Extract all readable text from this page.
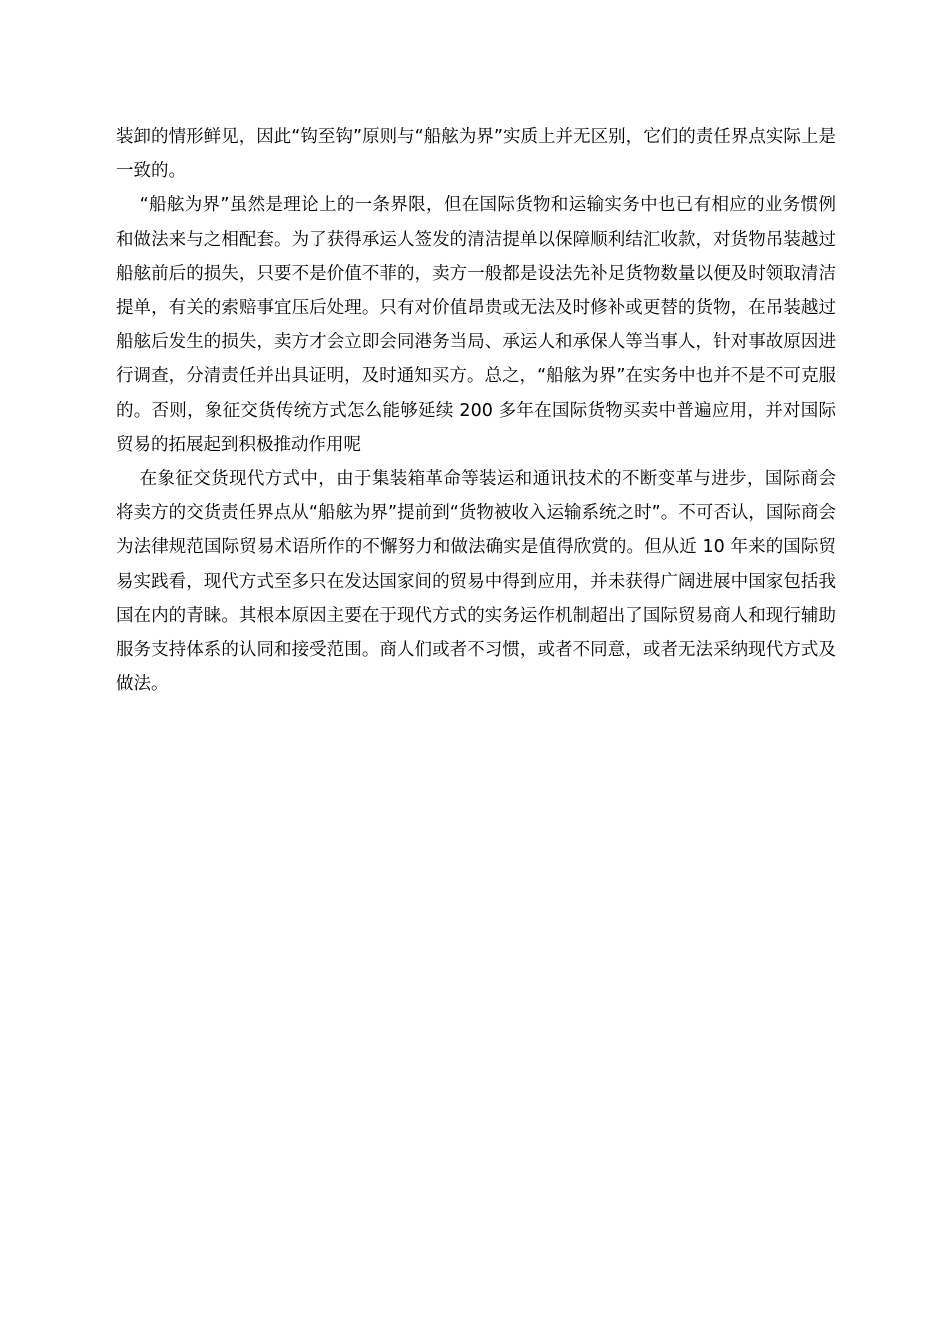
装卸的情形鲜见，因此“钩至钩”原则与“船舷为界”实质上并无区别，它们的责任界点实际上是一致的。

“船舷为界”虽然是理论上的一条界限，但在国际货物和运输实务中也已有相应的业务惯例和做法来与之相配套。为了获得承运人签发的清洁提单以保障顺利结汇收款，对货物吊装越过船舷前后的损失，只要不是价值不菲的，卖方一般都是设法先补足货物数量以便及时领取清洁提单，有关的索赔事宜压后处理。只有对价值昂贵或无法及时修补或更替的货物，在吊装越过船舷后发生的损失，卖方才会立即会同港务当局、承运人和承保人等当事人，针对事故原因进行调查，分清责任并出具证明，及时通知买方。总之，“船舷为界”在实务中也并不是不可克服的。否则，象征交货传统方式怎么能够延续 200 多年在国际货物买卖中普遍应用，并对国际贸易的拓展起到积极推动作用呢

在象征交货现代方式中，由于集装箱革命等装运和通讯技术的不断变革与进步，国际商会将卖方的交货责任界点从“船舷为界”提前到“货物被收入运输系统之时”。不可否认，国际商会为法律规范国际贸易术语所作的不懈努力和做法确实是值得欣赏的。但从近 10 年来的国际贸易实践看，现代方式至多只在发达国家间的贸易中得到应用，并未获得广阔进展中国家包括我国在内的青睐。其根本原因主要在于现代方式的实务运作机制超出了国际贸易商人和现行辅助服务支持体系的认同和接受范围。商人们或者不习惯，或者不同意，或者无法采纳现代方式及做法。
